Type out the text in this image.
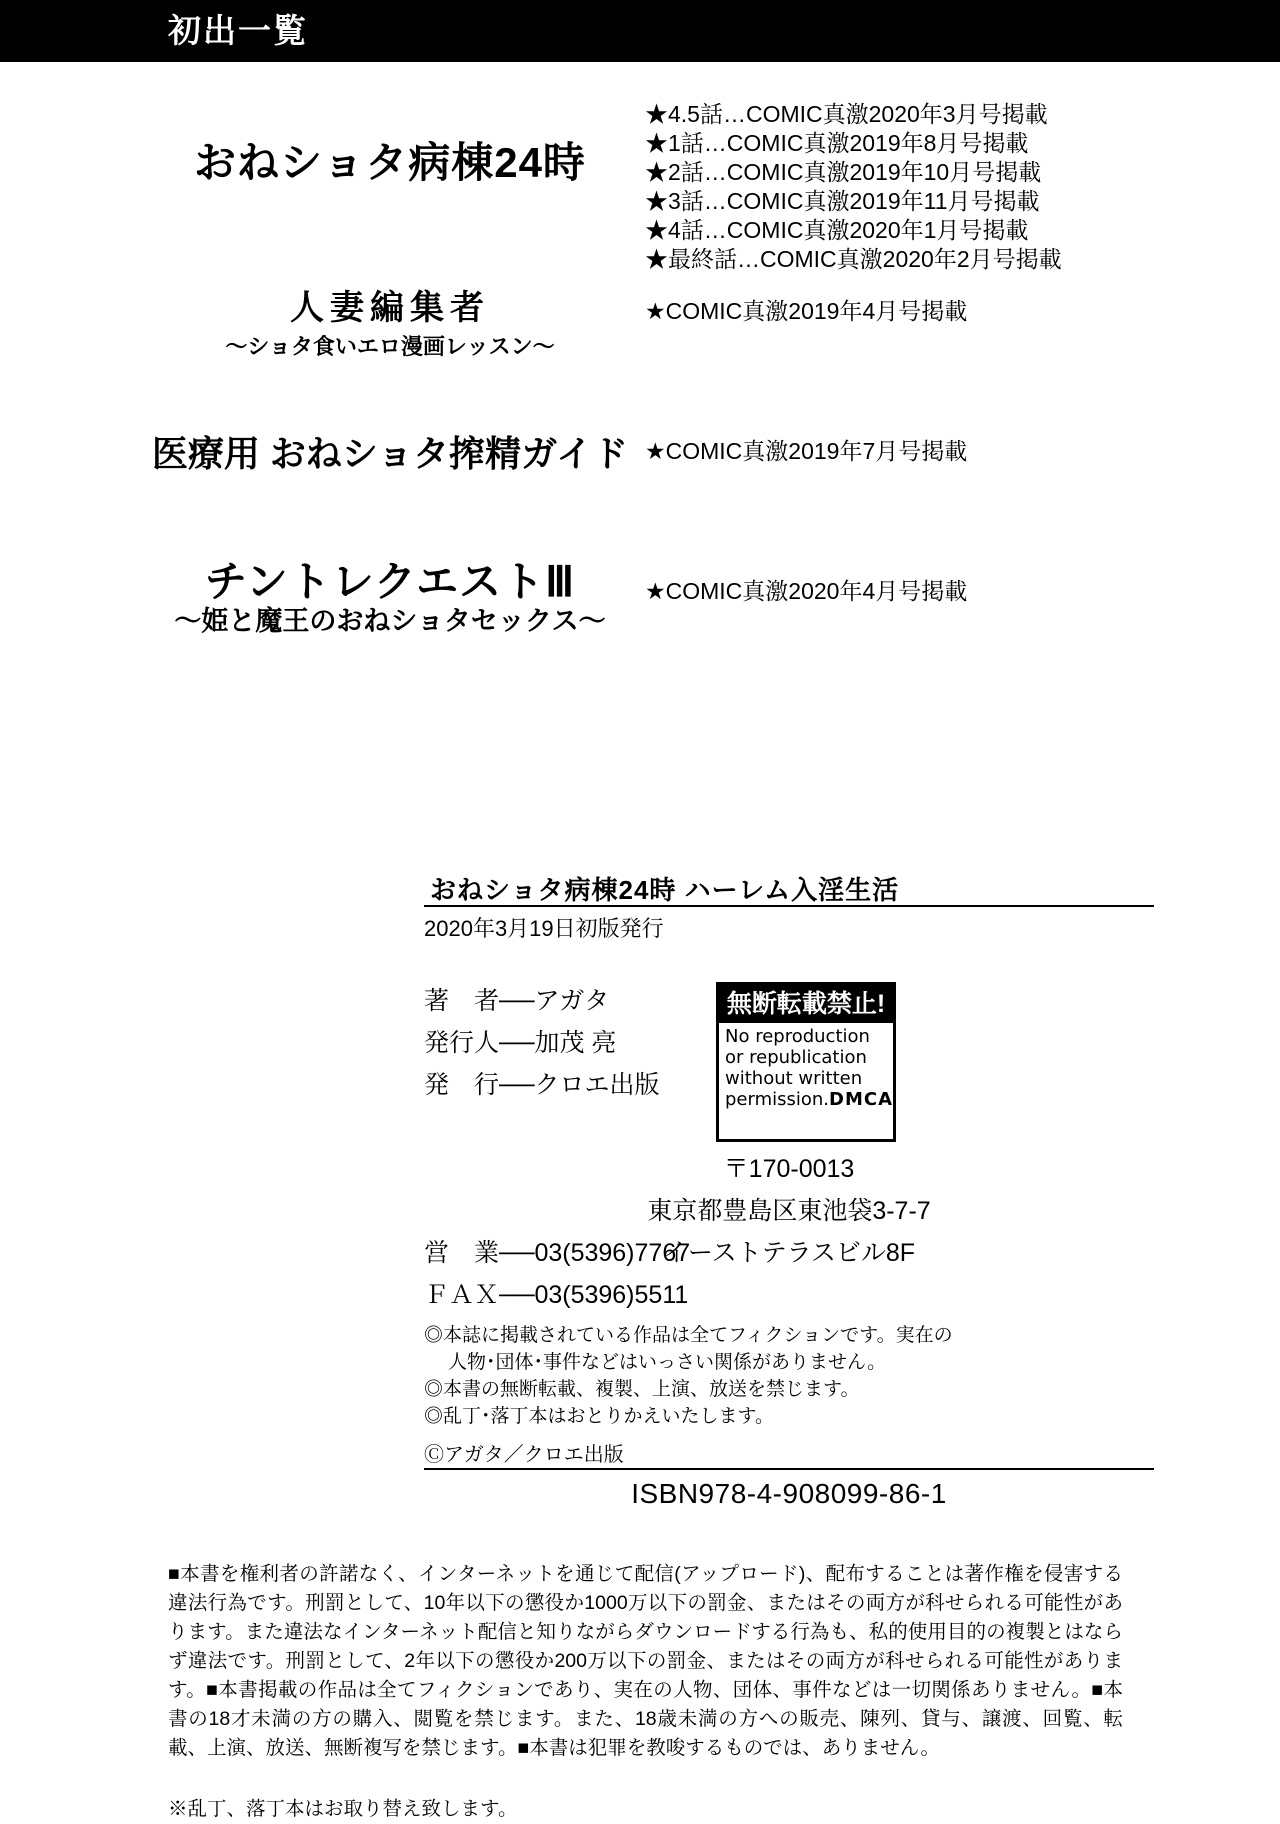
初出一覧
おねショタ病棟24時
★4.5話…COMIC真激2020年3月号掲載
★1話…COMIC真激2019年8月号掲載
★2話…COMIC真激2019年10月号掲載
★3話…COMIC真激2019年11月号掲載
★4話…COMIC真激2020年1月号掲載
★最終話…COMIC真激2020年2月号掲載
人妻編集者
〜ショタ食いエロ漫画レッスン〜
★COMIC真激2019年4月号掲載
医療用 おねショタ搾精ガイド ★COMIC真激2019年7月号掲載
チントレクエストⅢ
〜姫と魔王のおねショタセックス〜
★COMIC真激2020年4月号掲載
おねショタ病棟24時 ハーレム入淫生活
2020年3月19日初版発行
著　者──アガタ
発行人──加茂 亮
発　行──クロエ出版
無断転載禁止!
No reproduction
or republication
without written
permission.DMCA
〒170-0013
東京都豊島区東池袋3-7-7
イーストテラスビル8F
営　業──03(5396)7767
ＦＡＸ──03(5396)5511
◎本誌に掲載されている作品は全てフィクションです。実在の
人物･団体･事件などはいっさい関係がありません。
◎本書の無断転載、複製、上演、放送を禁じます。
◎乱丁･落丁本はおとりかえいたします。
Ⓒアガタ／クロエ出版
ISBN978-4-908099-86-1

■本書を権利者の許諾なく、インターネットを通じて配信(アップロード)、配布することは著作権を侵害する違法行為です。刑罰として、10年以下の懲役か1000万以下の罰金、またはその両方が科せられる可能性があります。また違法なインターネット配信と知りながらダウンロードする行為も、私的使用目的の複製とはならず違法です。刑罰として、2年以下の懲役か200万以下の罰金、またはその両方が科せられる可能性があります。■本書掲載の作品は全てフィクションであり、実在の人物、団体、事件などは一切関係ありません。■本書の18才未満の方の購入、閲覧を禁じます。また、18歳未満の方への販売、陳列、貸与、譲渡、回覧、転載、上演、放送、無断複写を禁じます。■本書は犯罪を教唆するものでは、ありません。

※乱丁、落丁本はお取り替え致します。
